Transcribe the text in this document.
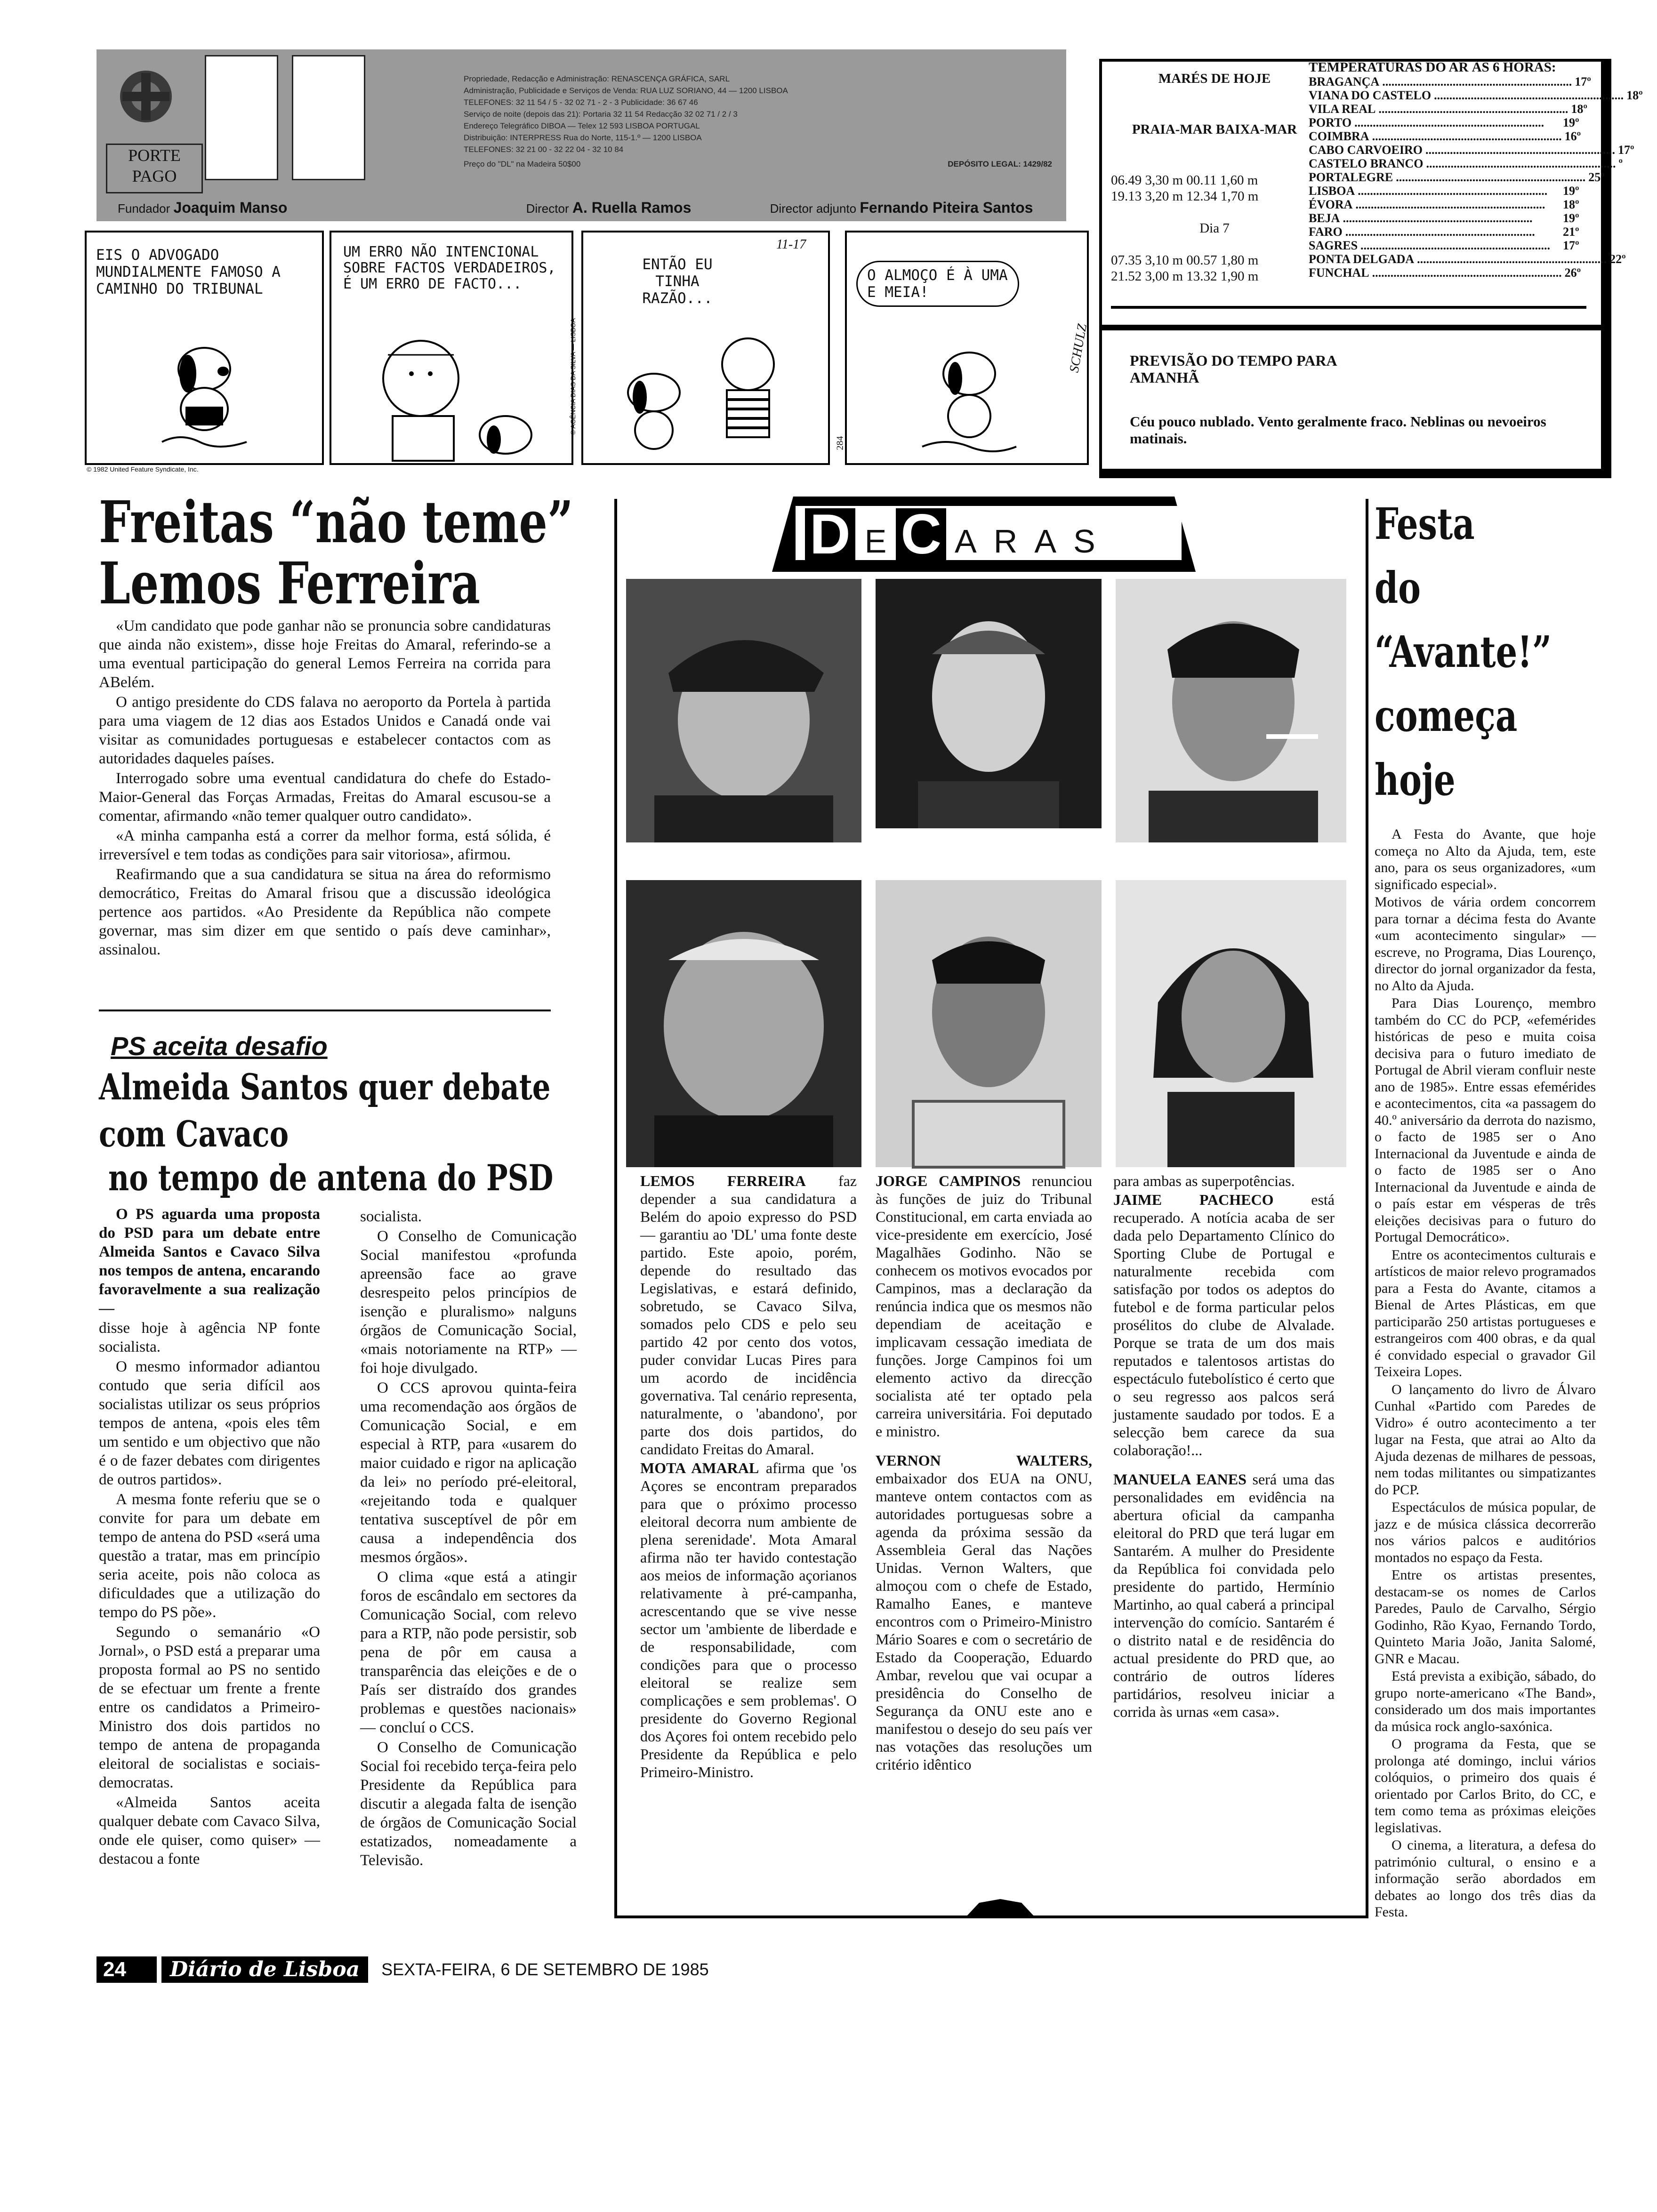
PORTE
PAGO
Propriedade, Redacção e Administração: RENASCENÇA GRÁFICA, SARL
Administração, Publicidade e Serviços de Venda: RUA LUZ SORIANO, 44 — 1200 LISBOA
TELEFONES: 32 11 54 / 5 - 32 02 71 - 2 - 3 Publicidade: 36 67 46
Serviço de noite (depois das 21): Portaria 32 11 54 Redacção 32 02 71 / 2 / 3
Endereço Telegráfico DIBOA — Telex 12 593 LISBOA PORTUGAL
Distribuição: INTERPRESS Rua do Norte, 115-1.º — 1200 LISBOA
TELEFONES: 32 21 00 - 32 22 04 - 32 10 84
Preço do "DL" na Madeira 50$00	DEPÓSITO LEGAL: 1429/82
Fundador Joaquim Manso	Director A. Ruella Ramos	Director adjunto Fernando Piteira Santos
MARÉS DE HOJE
PRAIA-MAR BAIXA-MAR
06.49 3,30 m 00.11 1,60 m
19.13 3,20 m 12.34 1,70 m
Dia 7
07.35 3,10 m 00.57 1,80 m
21.52 3,00 m 13.32 1,90 m
TEMPERATURAS DO AR ÀS 6 HORAS:
BRAGANÇA .............................................................. 17º
VIANA DO CASTELO .............................................................. 18º
VILA REAL .............................................................. 18º
PORTO ..............................................................	19º
COIMBRA .............................................................. 16º
CABO CARVOEIRO .............................................................. 17º
CASTELO BRANCO .............................................................. º
PORTALEGRE .............................................................. 25º
LISBOA ..............................................................	19º
ÉVORA ..............................................................	18º
BEJA ..............................................................	19º
FARO ..............................................................	21º
SAGRES ..............................................................	17º
PONTA DELGADA .............................................................. 22º
FUNCHAL .............................................................. 26º
PREVISÃO DO TEMPO PARA AMANHÃ
Céu pouco nublado. Vento geralmente fraco. Neblinas ou nevoeiros matinais.
EIS O ADVOGADO MUNDIALMENTE FAMOSO A CAMINHO DO TRIBUNAL
© 1982 United Feature Syndicate, Inc.
UM ERRO NÃO INTENCIONAL SOBRE FACTOS VERDADEIROS, É UM ERRO DE FACTO...
11-17
ENTÃO EU TINHA RAZÃO...
© AGÊNCIA DIAS DA SILVA — LISBOA
284
O ALMOÇO É À UMA E MEIA!
SCHULZ
Freitas “não teme”
Lemos Ferreira

«Um candidato que pode ganhar não se pronuncia sobre candidaturas que ainda não existem», disse hoje Freitas do Amaral, referindo-se a uma eventual participação do general Lemos Ferreira na corrida para ABelém.

O antigo presidente do CDS falava no aeroporto da Portela à partida para uma viagem de 12 dias aos Estados Unidos e Canadá onde vai visitar as comunidades portuguesas e estabelecer contactos com as autoridades daqueles países.

Interrogado sobre uma eventual candidatura do chefe do Estado-Maior-General das Forças Armadas, Freitas do Amaral escusou-se a comentar, afirmando «não temer qualquer outro candidato».

«A minha campanha está a correr da melhor forma, está sólida, é irreversível e tem todas as condições para sair vitoriosa», afirmou.

Reafirmando que a sua candidatura se situa na área do reformismo democrático, Freitas do Amaral frisou que a discussão ideológica pertence aos partidos. «Ao Presidente da República não compete governar, mas sim dizer em que sentido o país deve caminhar», assinalou.

PS aceita desafio
Almeida Santos quer debate
com Cavaco
no tempo de antena do PSD

O PS aguarda uma proposta do PSD para um debate entre Almeida Santos e Cavaco Silva nos tempos de antena, encarando favoravelmente a sua realização —

disse hoje à agência NP fonte socialista.

O mesmo informador adiantou contudo que seria difícil aos socialistas utilizar os seus próprios tempos de antena, «pois eles têm um sentido e um objectivo que não é o de fazer debates com dirigentes de outros partidos».

A mesma fonte referiu que se o convite for para um debate em tempo de antena do PSD «será uma questão a tratar, mas em princípio seria aceite, pois não coloca as dificuldades que a utilização do tempo do PS põe».

Segundo o semanário «O Jornal», o PSD está a preparar uma proposta formal ao PS no sentido de se efectuar um frente a frente entre os candidatos a Primeiro-Ministro dos dois partidos no tempo de antena de propaganda eleitoral de socialistas e sociais-democratas.

«Almeida Santos aceita qualquer debate com Cavaco Silva, onde ele quiser, como quiser» — destacou a fonte

socialista.

O Conselho de Comunicação Social manifestou «profunda apreensão face ao grave desrespeito pelos princípios de isenção e pluralismo» nalguns órgãos de Comunicação Social, «mais notoriamente na RTP» — foi hoje divulgado.

O CCS aprovou quinta-feira uma recomendação aos órgãos de Comunicação Social, e em especial à RTP, para «usarem do maior cuidado e rigor na aplicação da lei» no período pré-eleitoral, «rejeitando toda e qualquer tentativa susceptível de pôr em causa a independência dos mesmos órgãos».

O clima «que está a atingir foros de escândalo em sectores da Comunicação Social, com relevo para a RTP, não pode persistir, sob pena de pôr em causa a transparência das eleições e de o País ser distraído dos grandes problemas e questões nacionais» — concluí o CCS.

O Conselho de Comunicação Social foi recebido terça-feira pelo Presidente da República para discutir a alegada falta de isenção de órgãos de Comunicação Social estatizados, nomeadamente a Televisão.

D E C A R A S

LEMOS FERREIRA faz depender a sua candidatura a Belém do apoio expresso do PSD — garantiu ao 'DL' uma fonte deste partido. Este apoio, porém, depende do resultado das Legislativas, e estará definido, sobretudo, se Cavaco Silva, somados pelo CDS e pelo seu partido 42 por cento dos votos, puder convidar Lucas Pires para um acordo de incidência governativa. Tal cenário representa, naturalmente, o 'abandono', por parte dos dois partidos, do candidato Freitas do Amaral.

MOTA AMARAL afirma que 'os Açores se encontram preparados para que o próximo processo eleitoral decorra num ambiente de plena serenidade'. Mota Amaral afirma não ter havido contestação aos meios de informação açorianos relativamente à pré-campanha, acrescentando que se vive nesse sector um 'ambiente de liberdade e de responsabilidade, com condições para que o processo eleitoral se realize sem complicações e sem problemas'. O presidente do Governo Regional dos Açores foi ontem recebido pelo Presidente da República e pelo Primeiro-Ministro.

JORGE CAMPINOS renunciou às funções de juiz do Tribunal Constitucional, em carta enviada ao vice-presidente em exercício, José Magalhães Godinho. Não se conhecem os motivos evocados por Campinos, mas a declaração da renúncia indica que os mesmos não dependiam de aceitação e implicavam cessação imediata de funções. Jorge Campinos foi um elemento activo da direcção socialista até ter optado pela carreira universitária. Foi deputado e ministro.

VERNON WALTERS, embaixador dos EUA na ONU, manteve ontem contactos com as autoridades portuguesas sobre a agenda da próxima sessão da Assembleia Geral das Nações Unidas. Vernon Walters, que almoçou com o chefe de Estado, Ramalho Eanes, e manteve encontros com o Primeiro-Ministro Mário Soares e com o secretário de Estado da Cooperação, Eduardo Ambar, revelou que vai ocupar a presidência do Conselho de Segurança da ONU este ano e manifestou o desejo do seu país ver nas votações das resoluções um critério idêntico

para ambas as superpotências.

JAIME PACHECO está recuperado. A notícia acaba de ser dada pelo Departamento Clínico do Sporting Clube de Portugal e naturalmente recebida com satisfação por todos os adeptos do futebol e de forma particular pelos prosélitos do clube de Alvalade. Porque se trata de um dos mais reputados e talentosos artistas do espectáculo futebolístico é certo que o seu regresso aos palcos será justamente saudado por todos. E a selecção bem carece da sua colaboração!...

MANUELA EANES será uma das personalidades em evidência na abertura oficial da campanha eleitoral do PRD que terá lugar em Santarém. A mulher do Presidente da República foi convidada pelo presidente do partido, Hermínio Martinho, ao qual caberá a principal intervenção do comício. Santarém é o distrito natal e de residência do actual presidente do PRD que, ao contrário de outros líderes partidários, resolveu iniciar a corrida às urnas «em casa».

Festa
do
“Avante!”
começa
hoje

A Festa do Avante, que hoje começa no Alto da Ajuda, tem, este ano, para os seus organizadores, «um significado especial».

Motivos de vária ordem concorrem para tornar a décima festa do Avante «um acontecimento singular» — escreve, no Programa, Dias Lourenço, director do jornal organizador da festa, no Alto da Ajuda.

Para Dias Lourenço, membro também do CC do PCP, «efemérides históricas de peso e muita coisa decisiva para o futuro imediato de Portugal de Abril vieram confluir neste ano de 1985». Entre essas efemérides e acontecimentos, cita «a passagem do 40.º aniversário da derrota do nazismo, o facto de 1985 ser o Ano Internacional da Juventude e ainda de o facto de 1985 ser o Ano Internacional da Juventude e ainda de o país estar em vésperas de três eleições decisivas para o futuro do Portugal Democrático».

Entre os acontecimentos culturais e artísticos de maior relevo programados para a Festa do Avante, citamos a Bienal de Artes Plásticas, em que participarão 250 artistas portugueses e estrangeiros com 400 obras, e da qual é convidado especial o gravador Gil Teixeira Lopes.

O lançamento do livro de Álvaro Cunhal «Partido com Paredes de Vidro» é outro acontecimento a ter lugar na Festa, que atrai ao Alto da Ajuda dezenas de milhares de pessoas, nem todas militantes ou simpatizantes do PCP.

Espectáculos de música popular, de jazz e de música clássica decorrerão nos vários palcos e auditórios montados no espaço da Festa.

Entre os artistas presentes, destacam-se os nomes de Carlos Paredes, Paulo de Carvalho, Sérgio Godinho, Rão Kyao, Fernando Tordo, Quinteto Maria João, Janita Salomé, GNR e Macau.

Está prevista a exibição, sábado, do grupo norte-americano «The Band», considerado um dos mais importantes da música rock anglo-saxónica.

O programa da Festa, que se prolonga até domingo, inclui vários colóquios, o primeiro dos quais é orientado por Carlos Brito, do CC, e tem como tema as próximas eleições legislativas.

O cinema, a literatura, a defesa do património cultural, o ensino e a informação serão abordados em debates ao longo dos três dias da Festa.

24	Diário de Lisboa	SEXTA-FEIRA, 6 DE SETEMBRO DE 1985
